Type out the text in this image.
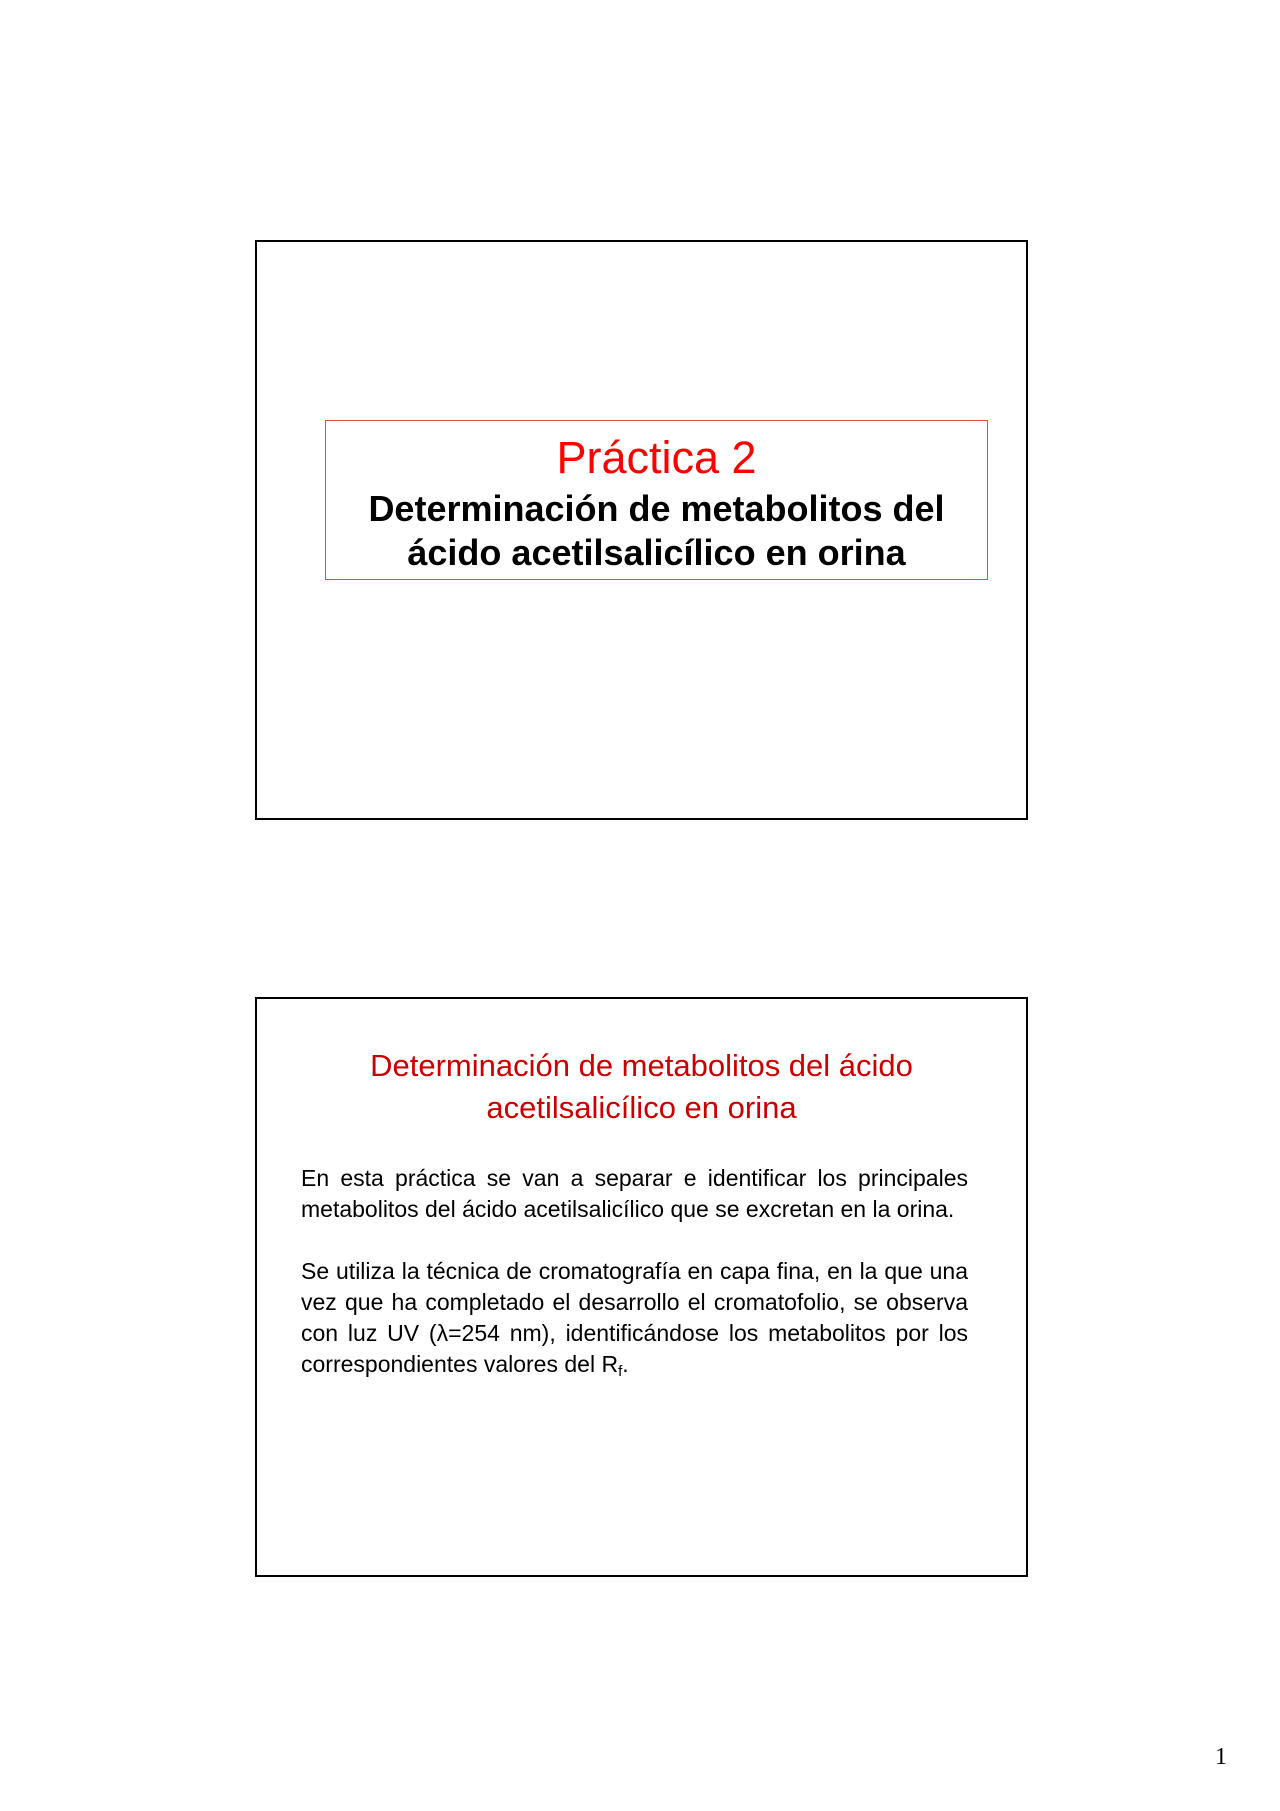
Práctica 2
Determinación de metabolitos del
ácido acetilsalicílico en orina
Determinación de metabolitos del ácido
acetilsalicílico en orina

En esta práctica se van a separar e identificar los principales metabolitos del ácido acetilsalicílico que se excretan en la orina.

Se utiliza la técnica de cromatografía en capa fina, en la que una vez que ha completado el desarrollo el cromatofolio, se observa con luz UV (λ=254 nm), identificándose los metabolitos por los correspondientes valores del $R_f$.

1
